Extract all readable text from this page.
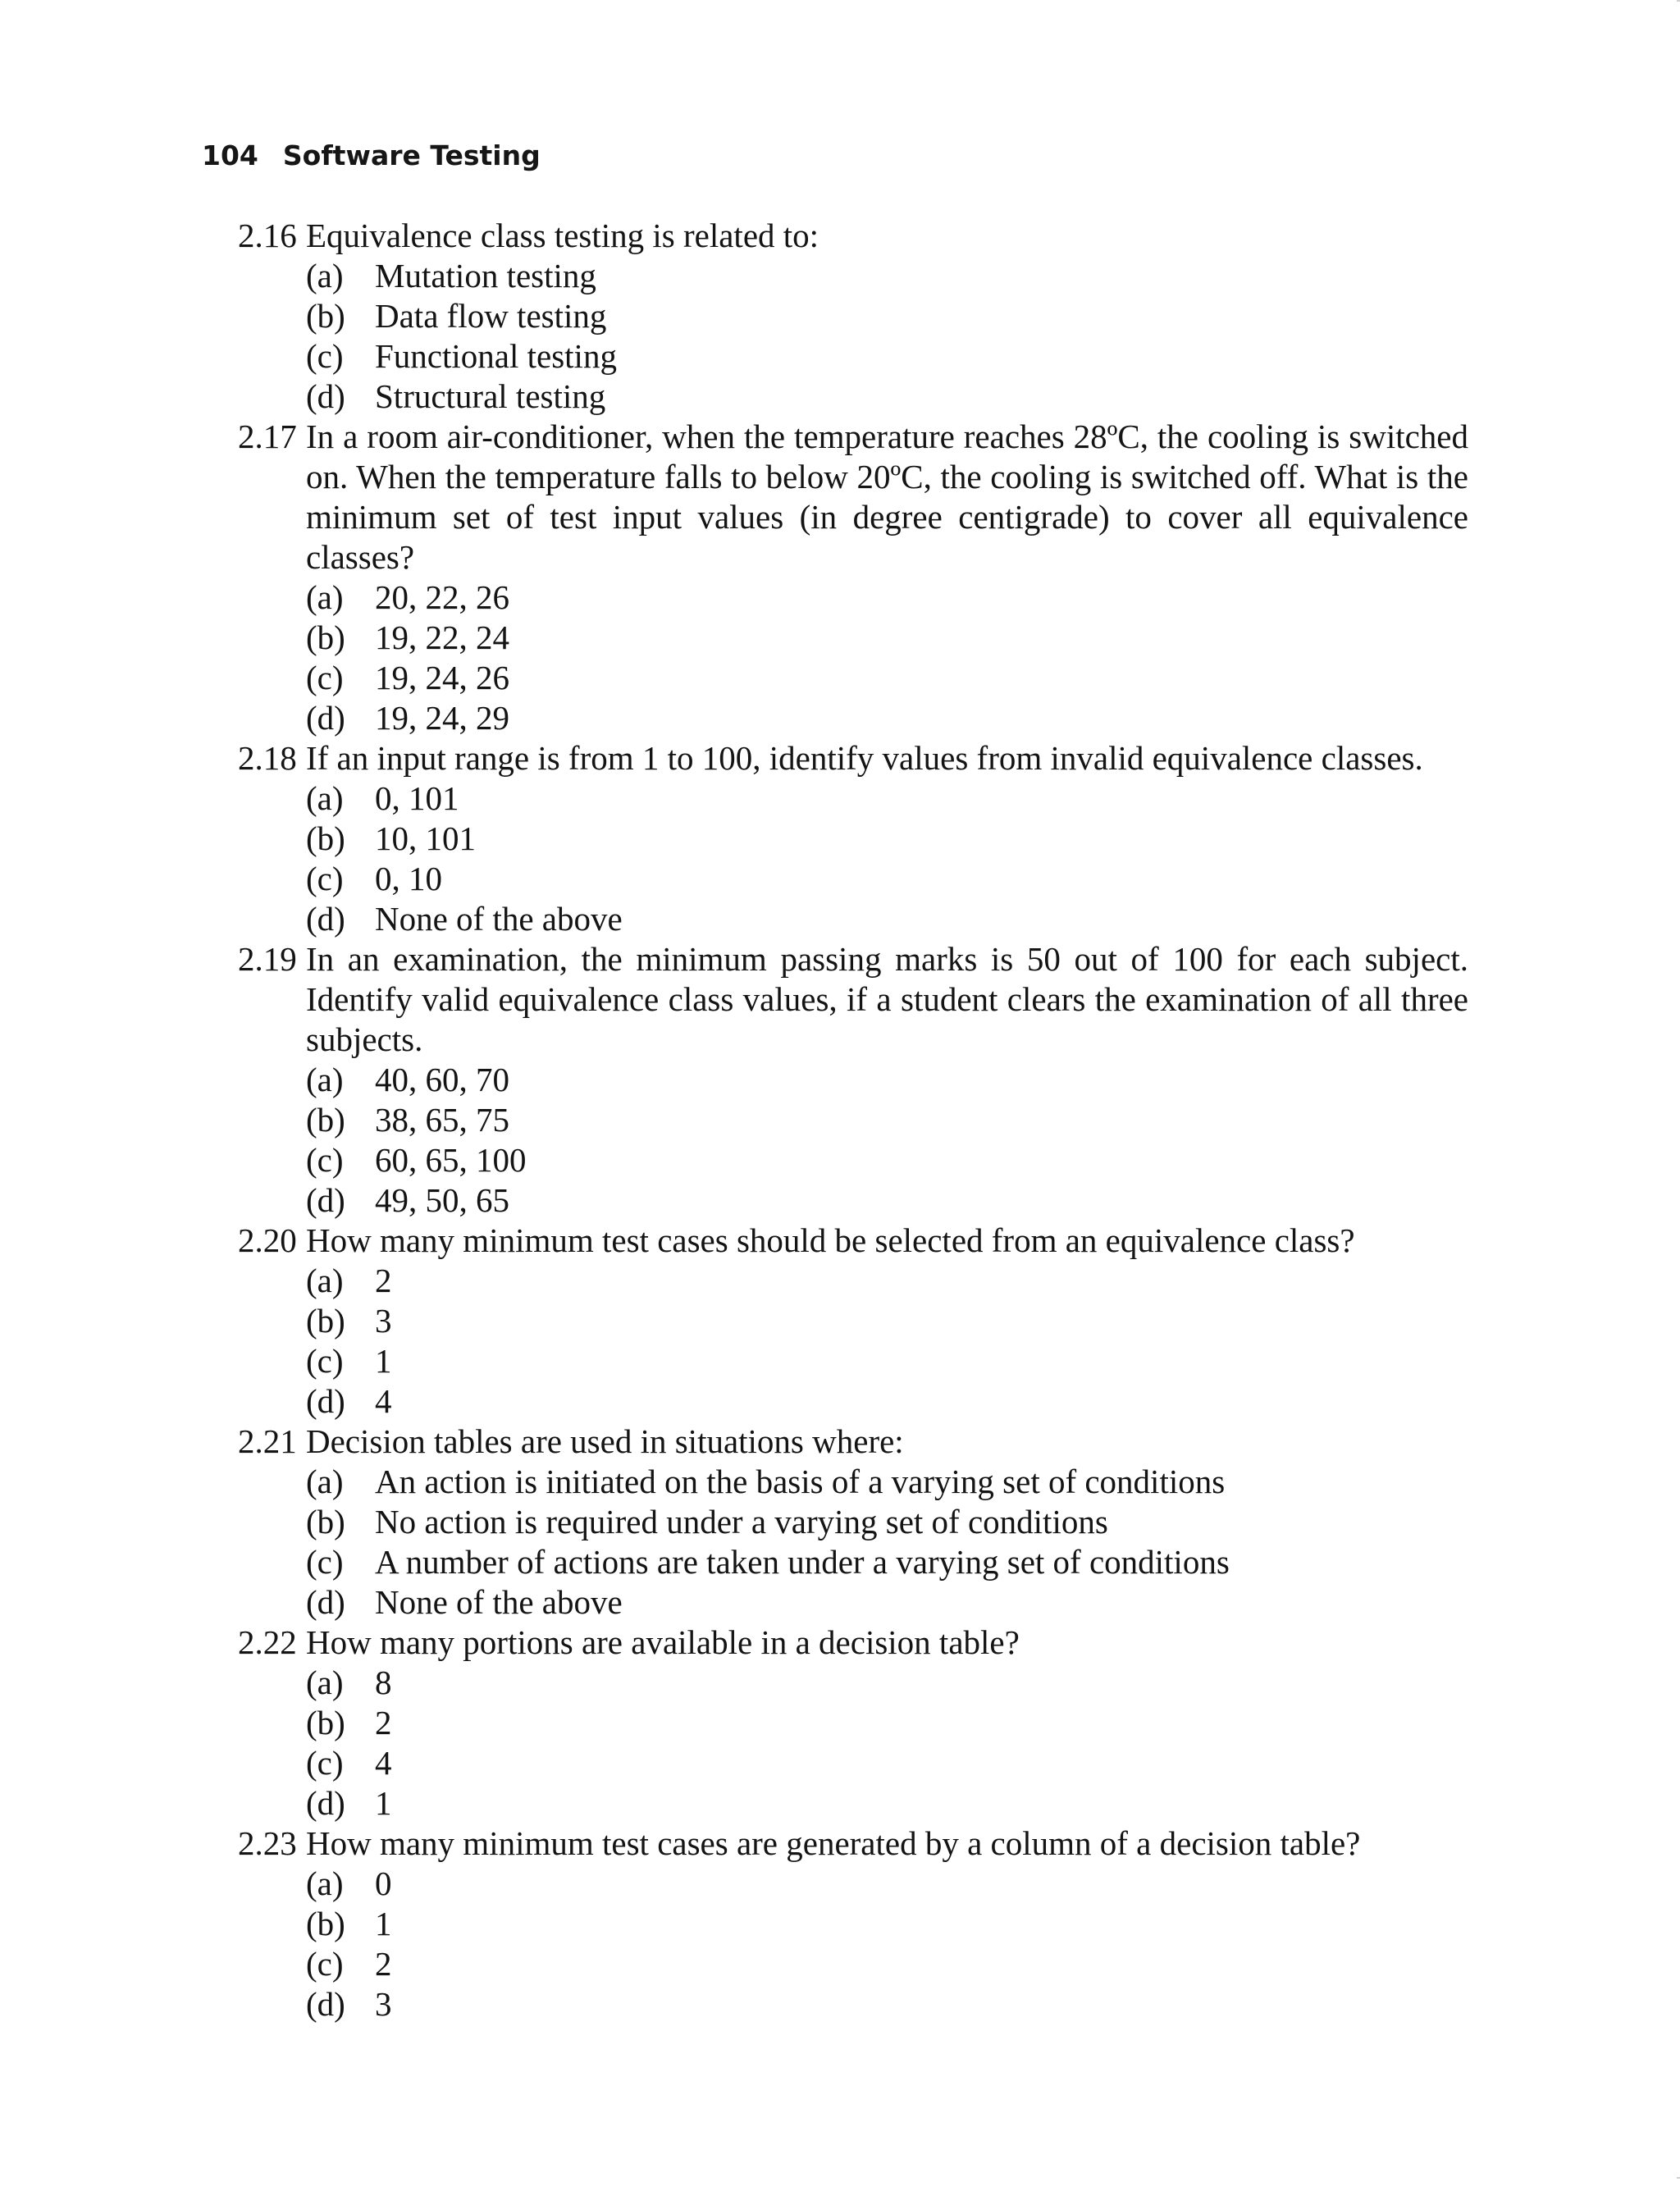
104 Software Testing
2.16 Equivalence class testing is related to:
(a) Mutation testing
(b) Data flow testing
(c) Functional testing
(d) Structural testing
2.17 In a room air-conditioner, when the temperature reaches 28ºC, the cooling is switched on. When the temperature falls to below 20ºC, the cooling is switched off. What is the minimum set of test input values (in degree centigrade) to cover all equivalence classes?
(a) 20, 22, 26
(b) 19, 22, 24
(c) 19, 24, 26
(d) 19, 24, 29
2.18 If an input range is from 1 to 100, identify values from invalid equivalence classes.
(a) 0, 101
(b) 10, 101
(c) 0, 10
(d) None of the above
2.19 In an examination, the minimum passing marks is 50 out of 100 for each subject. Identify valid equivalence class values, if a student clears the examination of all three subjects.
(a) 40, 60, 70
(b) 38, 65, 75
(c) 60, 65, 100
(d) 49, 50, 65
2.20 How many minimum test cases should be selected from an equivalence class?
(a) 2
(b) 3
(c) 1
(d) 4
2.21 Decision tables are used in situations where:
(a) An action is initiated on the basis of a varying set of conditions
(b) No action is required under a varying set of conditions
(c) A number of actions are taken under a varying set of conditions
(d) None of the above
2.22 How many portions are available in a decision table?
(a) 8
(b) 2
(c) 4
(d) 1
2.23 How many minimum test cases are generated by a column of a decision table?
(a) 0
(b) 1
(c) 2
(d) 3
